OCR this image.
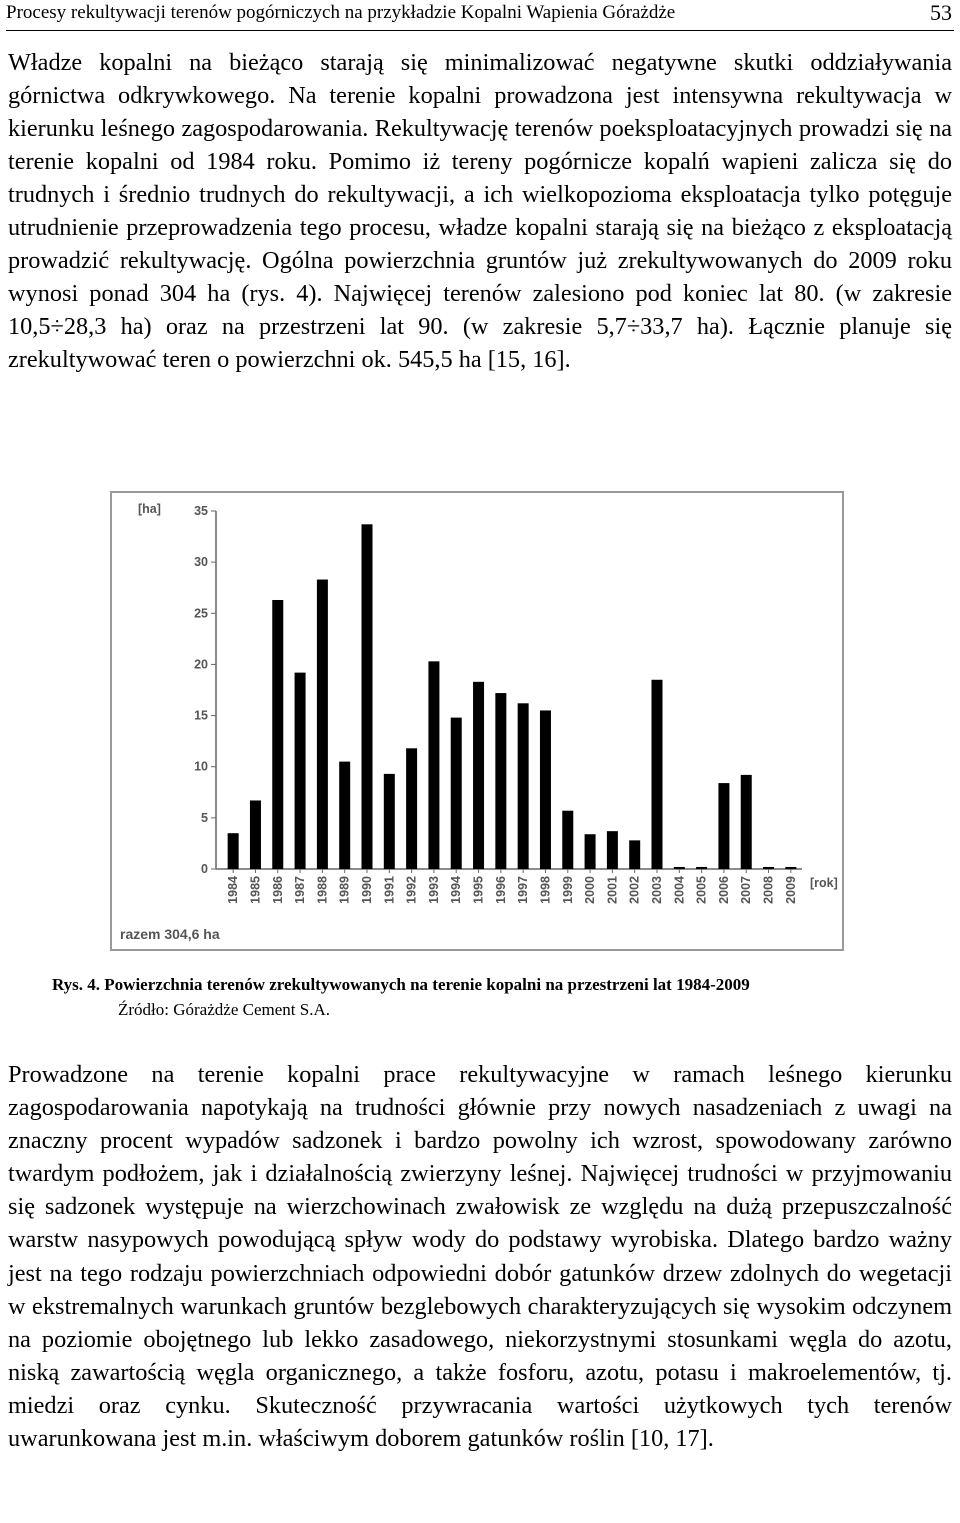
Procesy rekultywacji terenów pogórniczych na przykładzie Kopalni Wapienia Górażdże	53

Władze kopalni na bieżąco starają się minimalizować negatywne skutki oddziaływania górnictwa odkrywkowego. Na terenie kopalni prowadzona jest intensywna rekultywacja w kierunku leśnego zagospodarowania. Rekultywację terenów poeksploatacyjnych prowadzi się na terenie kopalni od 1984 roku. Pomimo iż tereny pogórnicze kopalń wapieni zalicza się do trudnych i średnio trudnych do rekultywacji, a ich wielkopozioma eksploatacja tylko potęguje utrudnienie przeprowadzenia tego procesu, władze kopalni starają się na bieżąco z eksploatacją prowadzić rekultywację. Ogólna powierzchnia gruntów już zrekultywowanych do 2009 roku wynosi ponad 304 ha (rys. 4). Najwięcej terenów zalesiono pod koniec lat 80. (w zakresie 10,5÷28,3 ha) oraz na przestrzeni lat 90. (w zakresie 5,7÷33,7 ha). Łącznie planuje się zrekultywować teren o powierzchni ok. 545,5 ha [15, 16].

0
5
10
15
20
25
30
35
[ha]
1984 1985 1986 1987 1988 1989 1990 1991 1992 1993 1994 1995 1996 1997 1998 1999 2000 2001 2002 2003 2004 2005 2006 2007 2008 2009 [rok]
razem 304,6 ha
Rys. 4. Powierzchnia terenów zrekultywowanych na terenie kopalni na przestrzeni lat 1984-2009
Źródło: Górażdże Cement S.A.

Prowadzone na terenie kopalni prace rekultywacyjne w ramach leśnego kierunku zagospodarowania napotykają na trudności głównie przy nowych nasadzeniach z uwagi na znaczny procent wypadów sadzonek i bardzo powolny ich wzrost, spowodowany zarówno twardym podłożem, jak i działalnością zwierzyny leśnej. Najwięcej trudności w przyjmowaniu się sadzonek występuje na wierzchowinach zwałowisk ze względu na dużą przepuszczalność warstw nasypowych powodującą spływ wody do podstawy wyrobiska. Dlatego bardzo ważny jest na tego rodzaju powierzchniach odpowiedni dobór gatunków drzew zdolnych do wegetacji w ekstremalnych warunkach gruntów bezglebowych charakteryzujących się wysokim odczynem na poziomie obojętnego lub lekko zasadowego, niekorzystnymi stosunkami węgla do azotu, niską zawartością węgla organicznego, a także fosforu, azotu, potasu i makroelementów, tj. miedzi oraz cynku. Skuteczność przywracania wartości użytkowych tych terenów uwarunkowana jest m.in. właściwym doborem gatunków roślin [10, 17].
